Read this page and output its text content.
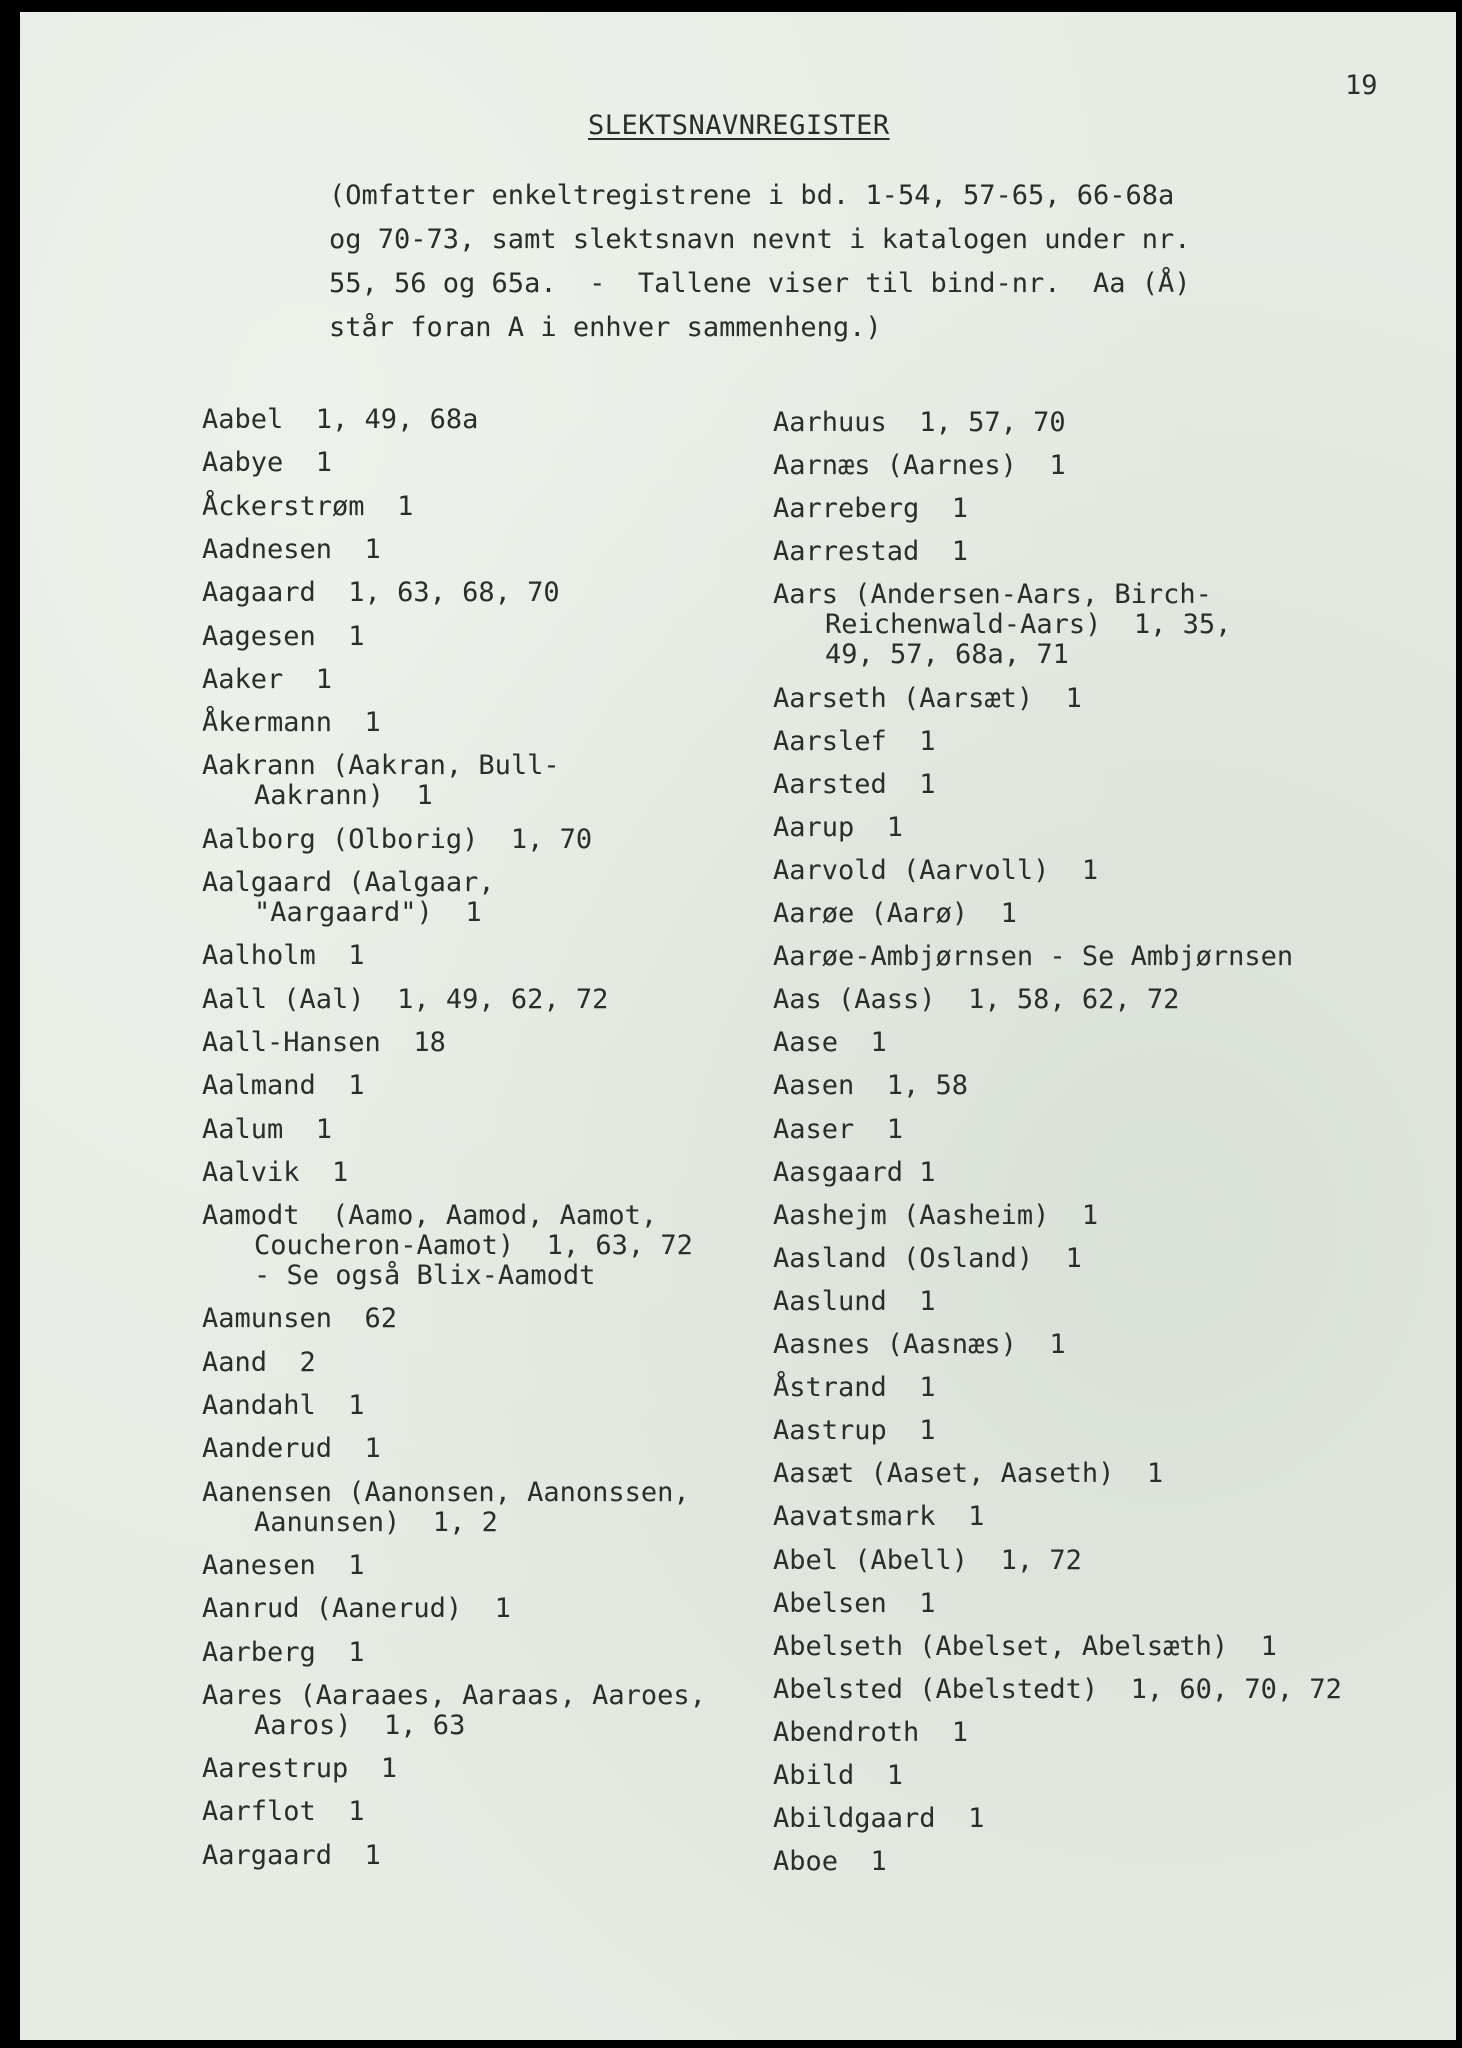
19
SLEKTSNAVNREGISTER
(Omfatter enkeltregistrene i bd. 1-54, 57-65, 66-68a
og 70-73, samt slektsnavn nevnt i katalogen under nr.
55, 56 og 65a.  -  Tallene viser til bind-nr.  Aa (Å)
står foran A i enhver sammenheng.)
Aabel  1, 49, 68a
Aabye  1
Åckerstrøm  1
Aadnesen  1
Aagaard  1, 63, 68, 70
Aagesen  1
Aaker  1
Åkermann  1
Aakrann (Aakran, Bull-
Aakrann)  1
Aalborg (Olborig)  1, 70
Aalgaard (Aalgaar,
"Aargaard")  1
Aalholm  1
Aall (Aal)  1, 49, 62, 72
Aall-Hansen  18
Aalmand  1
Aalum  1
Aalvik  1
Aamodt  (Aamo, Aamod, Aamot,
Coucheron-Aamot)  1, 63, 72
- Se også Blix-Aamodt
Aamunsen  62
Aand  2
Aandahl  1
Aanderud  1
Aanensen (Aanonsen, Aanonssen,
Aanunsen)  1, 2
Aanesen  1
Aanrud (Aanerud)  1
Aarberg  1
Aares (Aaraaes, Aaraas, Aaroes,
Aaros)  1, 63
Aarestrup  1
Aarflot  1
Aargaard  1
Aarhuus  1, 57, 70
Aarnæs (Aarnes)  1
Aarreberg  1
Aarrestad  1
Aars (Andersen-Aars, Birch-
Reichenwald-Aars)  1, 35,
49, 57, 68a, 71
Aarseth (Aarsæt)  1
Aarslef  1
Aarsted  1
Aarup  1
Aarvold (Aarvoll)  1
Aarøe (Aarø)  1
Aarøe-Ambjørnsen - Se Ambjørnsen
Aas (Aass)  1, 58, 62, 72
Aase  1
Aasen  1, 58
Aaser  1
Aasgaard 1
Aashejm (Aasheim)  1
Aasland (Osland)  1
Aaslund  1
Aasnes (Aasnæs)  1
Åstrand  1
Aastrup  1
Aasæt (Aaset, Aaseth)  1
Aavatsmark  1
Abel (Abell)  1, 72
Abelsen  1
Abelseth (Abelset, Abelsæth)  1
Abelsted (Abelstedt)  1, 60, 70, 72
Abendroth  1
Abild  1
Abildgaard  1
Aboe  1
